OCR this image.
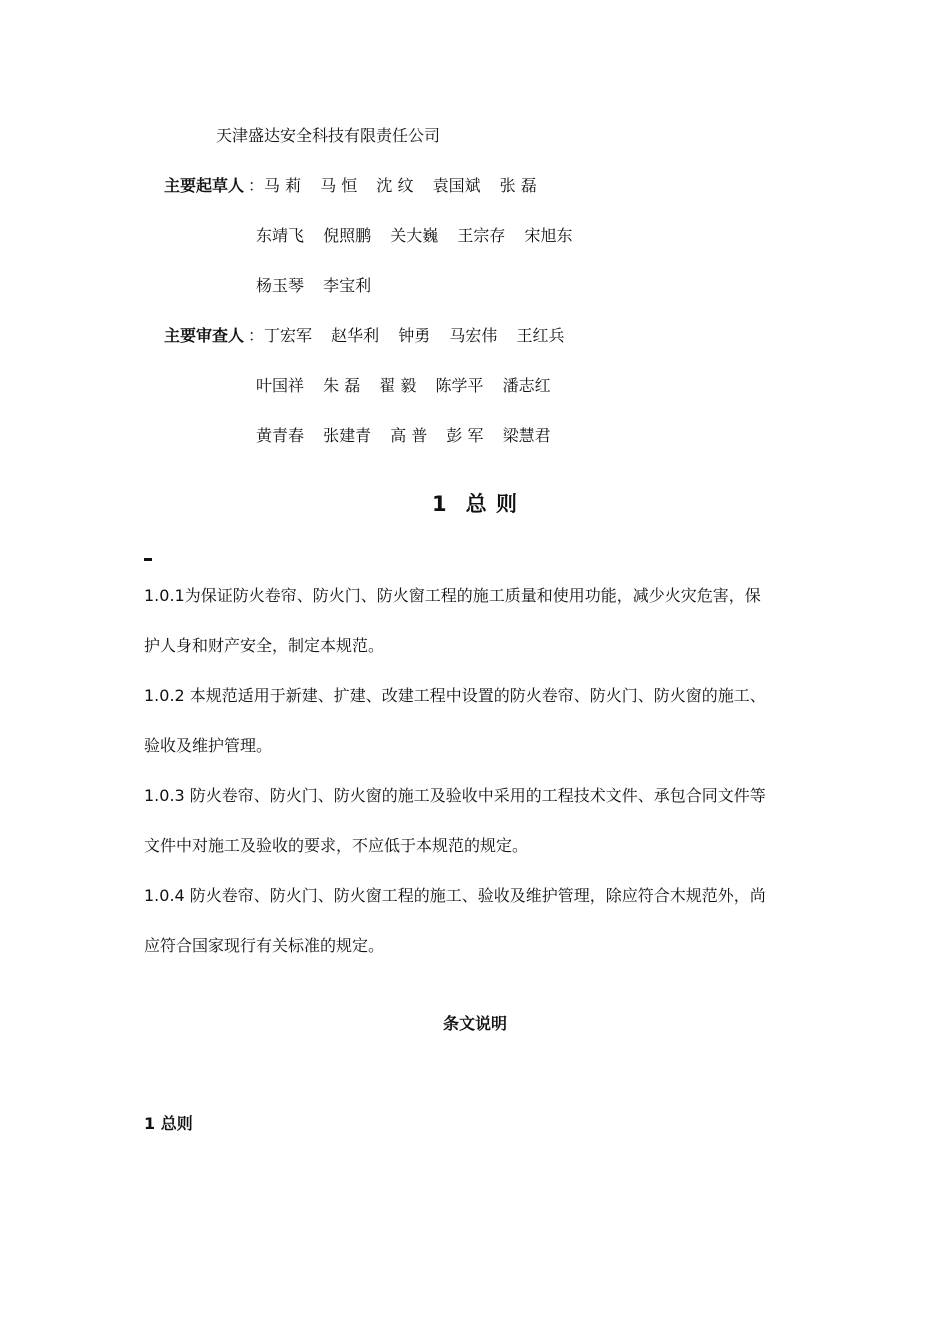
天津盛达安全科技有限责任公司
主要起草人 ： 马 莉 马 恒 沈 纹 袁国斌 张 磊
东靖飞 倪照鹏 关大巍 王宗存 宋旭东
杨玉琴 李宝利
主要审查人 ： 丁宏军 赵华利 钟勇 马宏伟 王红兵
叶国祥 朱 磊 翟 毅 陈学平 潘志红
黄青春 张建青 高 普 彭 军 梁慧君
1 总 则
1.0.1为保证防火卷帘、防火门、防火窗工程的施工质量和使用功能，减少火灾危害，保
护人身和财产安全，制定本规范。
1.0.2 本规范适用于新建、扩建、改建工程中设置的防火卷帘、防火门、防火窗的施工、
验收及维护管理。
1.0.3 防火卷帘、防火门、防火窗的施工及验收中采用的工程技术文件、承包合同文件等
文件中对施工及验收的要求，不应低于本规范的规定。
1.0.4 防火卷帘、防火门、防火窗工程的施工、验收及维护管理，除应符合木规范外，尚
应符合国家现行有关标准的规定。
条文说明
1 总则
